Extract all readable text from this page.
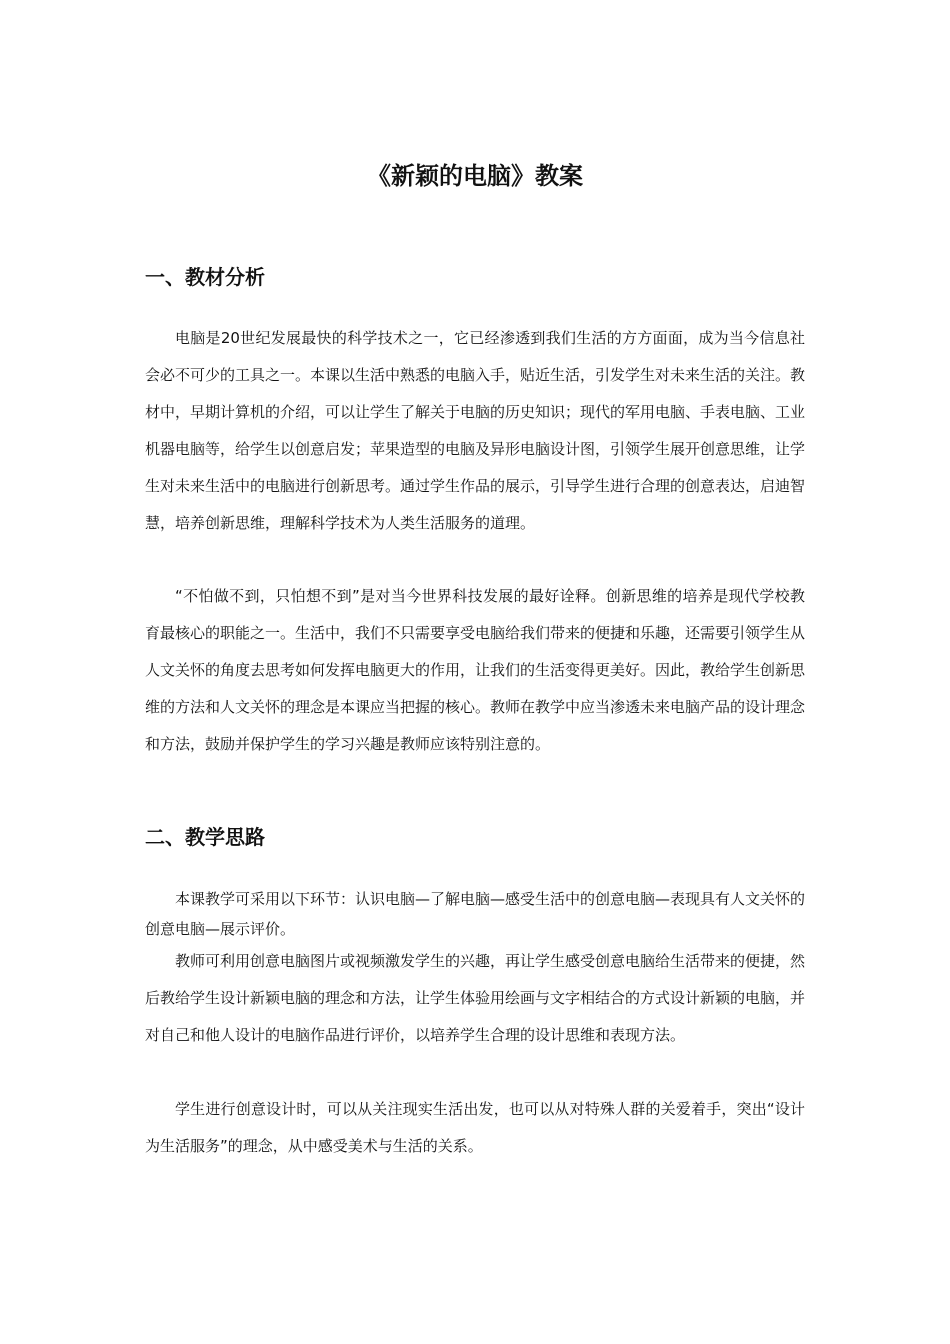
《新颖的电脑》教案
一、教材分析

电脑是20世纪发展最快的科学技术之一，它已经渗透到我们生活的方方面面，成为当今信息社会必不可少的工具之一。本课以生活中熟悉的电脑入手，贴近生活，引发学生对未来生活的关注。教材中，早期计算机的介绍，可以让学生了解关于电脑的历史知识；现代的军用电脑、手表电脑、工业机器电脑等，给学生以创意启发；苹果造型的电脑及异形电脑设计图，引领学生展开创意思维，让学生对未来生活中的电脑进行创新思考。通过学生作品的展示，引导学生进行合理的创意表达，启迪智慧，培养创新思维，理解科学技术为人类生活服务的道理。

“不怕做不到，只怕想不到”是对当今世界科技发展的最好诠释。创新思维的培养是现代学校教育最核心的职能之一。生活中，我们不只需要享受电脑给我们带来的便捷和乐趣，还需要引领学生从人文关怀的角度去思考如何发挥电脑更大的作用，让我们的生活变得更美好。因此，教给学生创新思维的方法和人文关怀的理念是本课应当把握的核心。教师在教学中应当渗透未来电脑产品的设计理念和方法，鼓励并保护学生的学习兴趣是教师应该特别注意的。

二、教学思路

本课教学可采用以下环节：认识电脑—了解电脑—感受生活中的创意电脑—表现具有人文关怀的创意电脑—展示评价。

教师可利用创意电脑图片或视频激发学生的兴趣，再让学生感受创意电脑给生活带来的便捷，然后教给学生设计新颖电脑的理念和方法，让学生体验用绘画与文字相结合的方式设计新颖的电脑，并对自己和他人设计的电脑作品进行评价，以培养学生合理的设计思维和表现方法。

学生进行创意设计时，可以从关注现实生活出发，也可以从对特殊人群的关爱着手，突出“设计为生活服务”的理念，从中感受美术与生活的关系。
